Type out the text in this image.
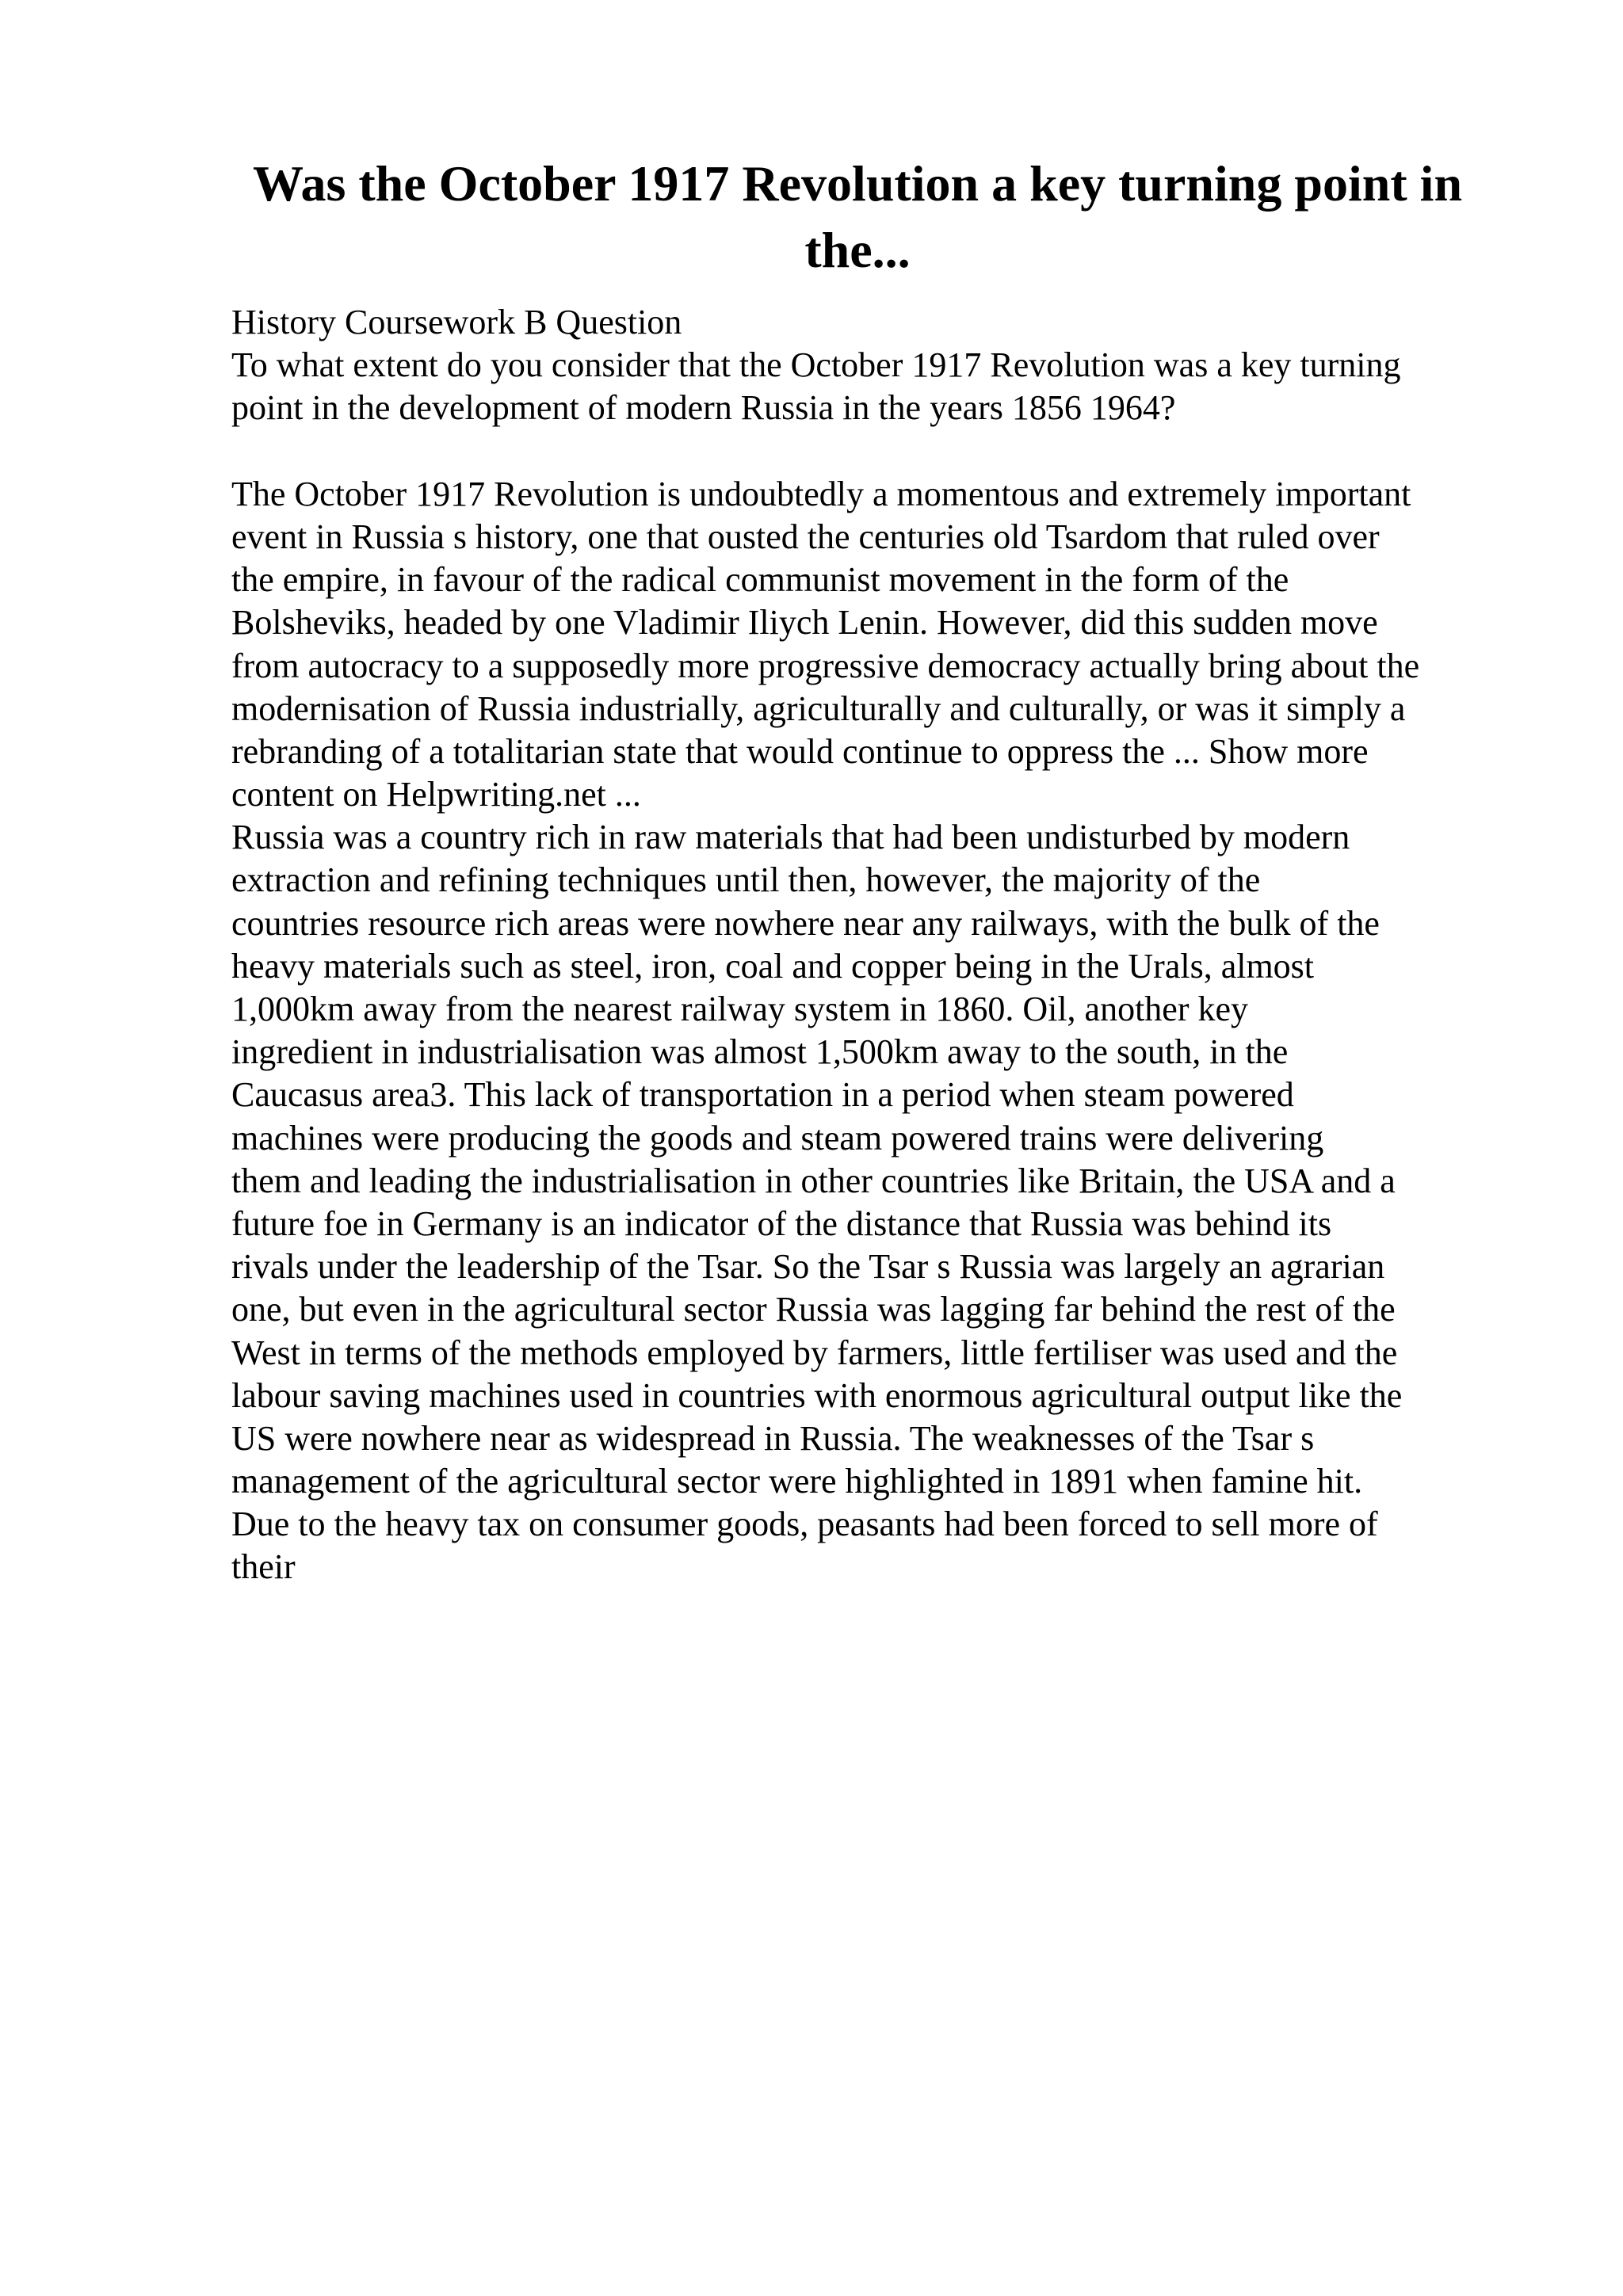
Was the October 1917 Revolution a key turning point in the...
History Coursework B Question
To what extent do you consider that the October 1917 Revolution was a key turning
point in the development of modern Russia in the years 1856 1964?
The October 1917 Revolution is undoubtedly a momentous and extremely important
event in Russia s history, one that ousted the centuries old Tsardom that ruled over
the empire, in favour of the radical communist movement in the form of the
Bolsheviks, headed by one Vladimir Iliych Lenin. However, did this sudden move
from autocracy to a supposedly more progressive democracy actually bring about the
modernisation of Russia industrially, agriculturally and culturally, or was it simply a
rebranding of a totalitarian state that would continue to oppress the ... Show more
content on Helpwriting.net ...
Russia was a country rich in raw materials that had been undisturbed by modern
extraction and refining techniques until then, however, the majority of the
countries resource rich areas were nowhere near any railways, with the bulk of the
heavy materials such as steel, iron, coal and copper being in the Urals, almost
1,000km away from the nearest railway system in 1860. Oil, another key
ingredient in industrialisation was almost 1,500km away to the south, in the
Caucasus area3. This lack of transportation in a period when steam powered
machines were producing the goods and steam powered trains were delivering
them and leading the industrialisation in other countries like Britain, the USA and a
future foe in Germany is an indicator of the distance that Russia was behind its
rivals under the leadership of the Tsar. So the Tsar s Russia was largely an agrarian
one, but even in the agricultural sector Russia was lagging far behind the rest of the
West in terms of the methods employed by farmers, little fertiliser was used and the
labour saving machines used in countries with enormous agricultural output like the
US were nowhere near as widespread in Russia. The weaknesses of the Tsar s
management of the agricultural sector were highlighted in 1891 when famine hit.
Due to the heavy tax on consumer goods, peasants had been forced to sell more of
their
